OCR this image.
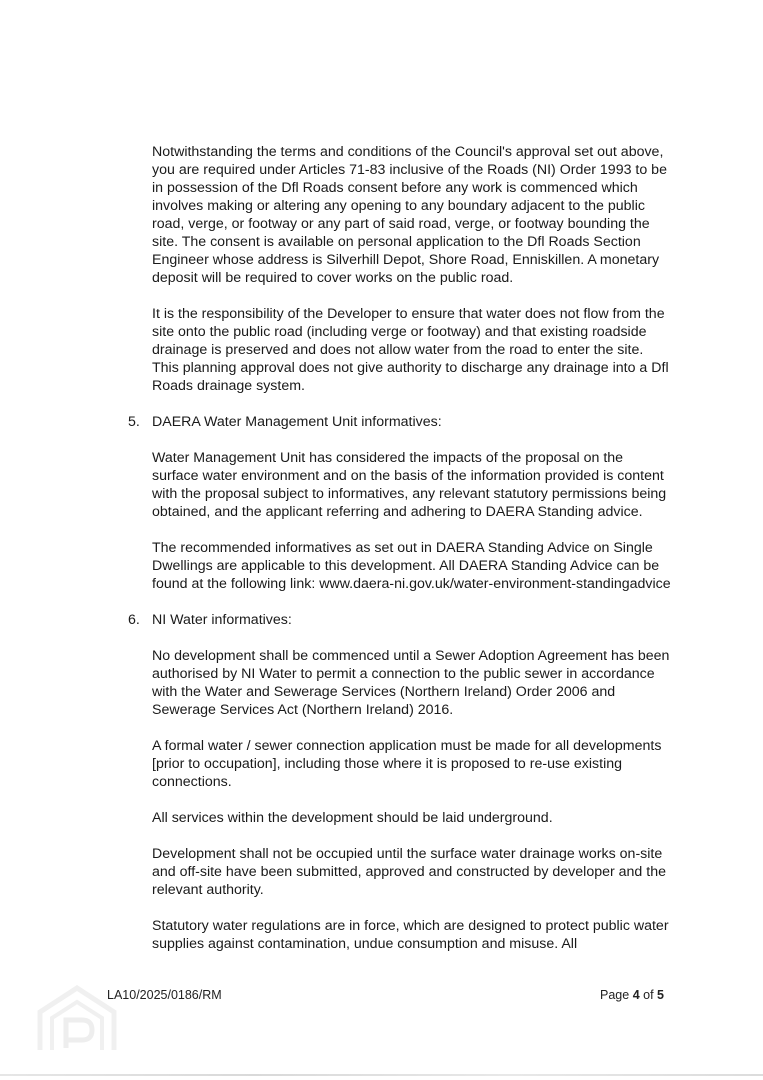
Notwithstanding the terms and conditions of the Council's approval set out above, you are required under Articles 71-83 inclusive of the Roads (NI) Order 1993 to be in possession of the Dfl Roads consent before any work is commenced which involves making or altering any opening to any boundary adjacent to the public road, verge, or footway or any part of said road, verge, or footway bounding the site. The consent is available on personal application to the Dfl Roads Section Engineer whose address is Silverhill Depot, Shore Road, Enniskillen. A monetary deposit will be required to cover works on the public road.

It is the responsibility of the Developer to ensure that water does not flow from the site onto the public road (including verge or footway) and that existing roadside drainage is preserved and does not allow water from the road to enter the site. This planning approval does not give authority to discharge any drainage into a Dfl Roads drainage system.

5. DAERA Water Management Unit informatives:

Water Management Unit has considered the impacts of the proposal on the surface water environment and on the basis of the information provided is content with the proposal subject to informatives, any relevant statutory permissions being obtained, and the applicant referring and adhering to DAERA Standing advice.

The recommended informatives as set out in DAERA Standing Advice on Single Dwellings are applicable to this development. All DAERA Standing Advice can be found at the following link: www.daera-ni.gov.uk/water-environment-standingadvice

6. NI Water informatives:

No development shall be commenced until a Sewer Adoption Agreement has been authorised by NI Water to permit a connection to the public sewer in accordance with the Water and Sewerage Services (Northern Ireland) Order 2006 and Sewerage Services Act (Northern Ireland) 2016.

A formal water / sewer connection application must be made for all developments [prior to occupation], including those where it is proposed to re-use existing connections.

All services within the development should be laid underground.

Development shall not be occupied until the surface water drainage works on-site and off-site have been submitted, approved and constructed by developer and the relevant authority.

Statutory water regulations are in force, which are designed to protect public water supplies against contamination, undue consumption and misuse. All

LA10/2025/0186/RM	Page 4 of 5
